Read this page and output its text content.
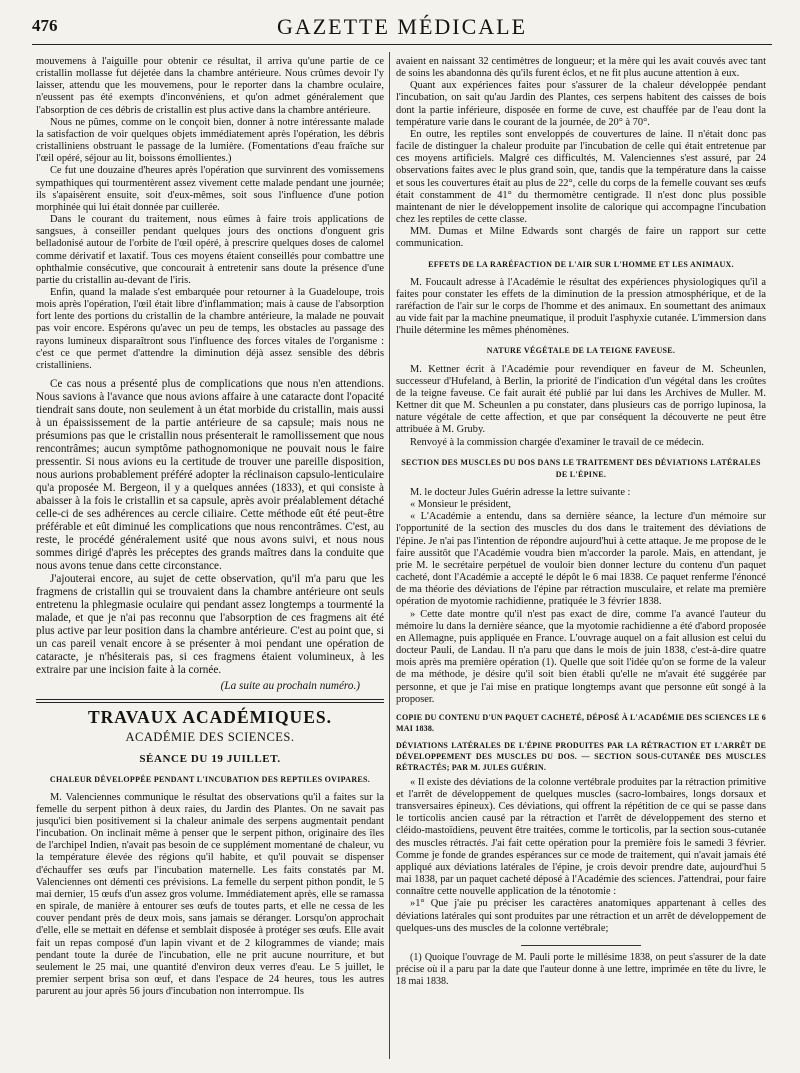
476	GAZETTE MÉDICALE

mouvemens à l'aiguille pour obtenir ce résultat, il arriva qu'une partie de ce cristallin mollasse fut déjetée dans la chambre antérieure. Nous crûmes devoir l'y laisser, attendu que les mouvemens, pour le reporter dans la chambre oculaire, n'eussent pas été exempts d'inconvéniens, et qu'on admet généralement que l'absorption de ces débris de cristallin est plus active dans la chambre antérieure.

Nous ne pûmes, comme on le conçoit bien, donner à notre intéressante malade la satisfaction de voir quelques objets immédiatement après l'opération, les débris cristalliniens obstruant le passage de la lumière. (Fomentations d'eau fraîche sur l'œil opéré, séjour au lit, boissons émollientes.)

Ce fut une douzaine d'heures après l'opération que survinrent des vomissemens sympathiques qui tourmentèrent assez vivement cette malade pendant une journée; ils s'apaisèrent ensuite, soit d'eux-mêmes, soit sous l'influence d'une potion morphinée qui lui était donnée par cuillerée.

Dans le courant du traitement, nous eûmes à faire trois applications de sangsues, à conseiller pendant quelques jours des onctions d'onguent gris belladonisé autour de l'orbite de l'œil opéré, à prescrire quelques doses de calomel comme dérivatif et laxatif. Tous ces moyens étaient conseillés pour combattre une ophthalmie consécutive, que concourait à entretenir sans doute la présence d'une partie du cristallin au-devant de l'iris.

Enfin, quand la malade s'est embarquée pour retourner à la Guadeloupe, trois mois après l'opération, l'œil était libre d'inflammation; mais à cause de l'absorption fort lente des portions du cristallin de la chambre antérieure, la malade ne pouvait pas voir encore. Espérons qu'avec un peu de temps, les obstacles au passage des rayons lumineux disparaîtront sous l'influence des forces vitales de l'organisme : c'est ce que permet d'attendre la diminution déjà assez sensible des débris cristalliniens.

Ce cas nous a présenté plus de complications que nous n'en attendions. Nous savions à l'avance que nous avions affaire à une cataracte dont l'opacité tiendrait sans doute, non seulement à un état morbide du cristallin, mais aussi à un épaississement de la partie antérieure de sa capsule; mais nous ne présumions pas que le cristallin nous présenterait le ramollissement que nous rencontrâmes; aucun symptôme pathognomonique ne pouvait nous le faire pressentir. Si nous avions eu la certitude de trouver une pareille disposition, nous aurions probablement préféré adopter la réclinaison capsulo-lenticulaire qu'a proposée M. Bergeon, il y a quelques années (1833), et qui consiste à abaisser à la fois le cristallin et sa capsule, après avoir préalablement détaché celle-ci de ses adhérences au cercle ciliaire. Cette méthode eût été peut-être préférable et eût diminué les complications que nous rencontrâmes. C'est, au reste, le procédé généralement usité que nous avons suivi, et nous nous sommes dirigé d'après les préceptes des grands maîtres dans la conduite que nous avons tenue dans cette circonstance.

J'ajouterai encore, au sujet de cette observation, qu'il m'a paru que les fragmens de cristallin qui se trouvaient dans la chambre antérieure ont seuls entretenu la phlegmasie oculaire qui pendant assez longtemps a tourmenté la malade, et que je n'ai pas reconnu que l'absorption de ces fragmens ait été plus active par leur position dans la chambre antérieure. C'est au point que, si un cas pareil venait encore à se présenter à moi pendant une opération de cataracte, je n'hésiterais pas, si ces fragmens étaient volumineux, à les extraire par une incision faite à la cornée.

(La suite au prochain numéro.)

TRAVAUX ACADÉMIQUES.
ACADÉMIE DES SCIENCES.
SÉANCE DU 19 JUILLET.
CHALEUR DÉVELOPPÉE PENDANT L'INCUBATION DES REPTILES OVIPARES.

M. Valenciennes communique le résultat des observations qu'il a faites sur la femelle du serpent pithon à deux raies, du Jardin des Plantes. On ne savait pas jusqu'ici bien positivement si la chaleur animale des serpens augmentait pendant l'incubation. On inclinait même à penser que le serpent pithon, originaire des îles de l'archipel Indien, n'avait pas besoin de ce supplément momentané de chaleur, vu la température élevée des régions qu'il habite, et qu'il pouvait se dispenser d'échauffer ses œufs par l'incubation maternelle. Les faits constatés par M. Valenciennes ont démenti ces prévisions. La femelle du serpent pithon pondit, le 5 mai dernier, 15 œufs d'un assez gros volume. Immédiatement après, elle se ramassa en spirale, de manière à entourer ses œufs de toutes parts, et elle ne cessa de les couver pendant près de deux mois, sans jamais se déranger. Lorsqu'on approchait d'elle, elle se mettait en défense et semblait disposée à protéger ses œufs. Elle avait fait un repas composé d'un lapin vivant et de 2 kilogrammes de viande; mais pendant toute la durée de l'incubation, elle ne prit aucune nourriture, et but seulement le 25 mai, une quantité d'environ deux verres d'eau. Le 5 juillet, le premier serpent brisa son œuf, et dans l'espace de 24 heures, tous les autres parurent au jour après 56 jours d'incubation non interrompue. Ils

avaient en naissant 32 centimètres de longueur; et la mère qui les avait couvés avec tant de soins les abandonna dès qu'ils furent éclos, et ne fit plus aucune attention à eux.

Quant aux expériences faites pour s'assurer de la chaleur développée pendant l'incubation, on sait qu'au Jardin des Plantes, ces serpens habitent des caisses de bois dont la partie inférieure, disposée en forme de cuve, est chauffée par de l'eau dont la température varie dans le courant de la journée, de 20° à 70°.

En outre, les reptiles sont enveloppés de couvertures de laine. Il n'était donc pas facile de distinguer la chaleur produite par l'incubation de celle qui était entretenue par ces moyens artificiels. Malgré ces difficultés, M. Valenciennes s'est assuré, par 24 observations faites avec le plus grand soin, que, tandis que la température dans la caisse et sous les couvertures était au plus de 22°, celle du corps de la femelle couvant ses œufs était constamment de 41° du thermomètre centigrade. Il n'est donc plus possible maintenant de nier le développement insolite de calorique qui accompagne l'incubation chez les reptiles de cette classe.

MM. Dumas et Milne Edwards sont chargés de faire un rapport sur cette communication.

EFFETS DE LA RARÉFACTION DE L'AIR SUR L'HOMME ET LES ANIMAUX.

M. Foucault adresse à l'Académie le résultat des expériences physiologiques qu'il a faites pour constater les effets de la diminution de la pression atmosphérique, et de la raréfaction de l'air sur le corps de l'homme et des animaux. En soumettant des animaux au vide fait par la machine pneumatique, il produit l'asphyxie cutanée. L'immersion dans l'huile détermine les mêmes phénomènes.

NATURE VÉGÉTALE DE LA TEIGNE FAVEUSE.

M. Kettner écrit à l'Académie pour revendiquer en faveur de M. Scheunlen, successeur d'Hufeland, à Berlin, la priorité de l'indication d'un végétal dans les croûtes de la teigne faveuse. Ce fait aurait été publié par lui dans les Archives de Muller. M. Kettner dit que M. Scheunlen a pu constater, dans plusieurs cas de porrigo lupinosa, la nature végétale de cette affection, et que par conséquent la découverte ne peut être attribuée à M. Gruby.

Renvoyé à la commission chargée d'examiner le travail de ce médecin.

SECTION DES MUSCLES DU DOS DANS LE TRAITEMENT DES DÉVIATIONS LATÉRALES DE L'ÉPINE.

M. le docteur Jules Guérin adresse la lettre suivante :

« Monsieur le président,

« L'Académie a entendu, dans sa dernière séance, la lecture d'un mémoire sur l'opportunité de la section des muscles du dos dans le traitement des déviations de l'épine. Je n'ai pas l'intention de répondre aujourd'hui à cette attaque. Je me propose de le faire aussitôt que l'Académie voudra bien m'accorder la parole. Mais, en attendant, je prie M. le secrétaire perpétuel de vouloir bien donner lecture du contenu d'un paquet cacheté, dont l'Académie a accepté le dépôt le 6 mai 1838. Ce paquet renferme l'énoncé de ma théorie des déviations de l'épine par rétraction musculaire, et relate ma première opération de myotomie rachidienne, pratiquée le 3 février 1838.

» Cette date montre qu'il n'est pas exact de dire, comme l'a avancé l'auteur du mémoire lu dans la dernière séance, que la myotomie rachidienne a été d'abord proposée en Allemagne, puis appliquée en France. L'ouvrage auquel on a fait allusion est celui du docteur Pauli, de Landau. Il n'a paru que dans le mois de juin 1838, c'est-à-dire quatre mois après ma première opération (1). Quelle que soit l'idée qu'on se forme de la valeur de ma méthode, je désire qu'il soit bien établi qu'elle ne m'avait été suggérée par personne, et que je l'ai mise en pratique longtemps avant que personne eût songé à la proposer.

COPIE DU CONTENU D'UN PAQUET CACHETÉ, DÉPOSÉ À L'ACADÉMIE DES SCIENCES LE 6 MAI 1838.
DÉVIATIONS LATÉRALES DE L'ÉPINE PRODUITES PAR LA RÉTRACTION ET L'ARRÊT DE DÉVELOPPEMENT DES MUSCLES DU DOS. — SECTION SOUS-CUTANÉE DES MUSCLES RÉTRACTÉS; PAR M. JULES GUÉRIN.

« Il existe des déviations de la colonne vertébrale produites par la rétraction primitive et l'arrêt de développement de quelques muscles (sacro-lombaires, longs dorsaux et transversaires épineux). Ces déviations, qui offrent la répétition de ce qui se passe dans le torticolis ancien causé par la rétraction et l'arrêt de développement des sterno et cléido-mastoïdiens, peuvent être traitées, comme le torticolis, par la section sous-cutanée des muscles rétractés. J'ai fait cette opération pour la première fois le samedi 3 février. Comme je fonde de grandes espérances sur ce mode de traitement, qui n'avait jamais été appliqué aux déviations latérales de l'épine, je crois devoir prendre date, aujourd'hui 5 mai 1838, par un paquet cacheté déposé à l'Académie des sciences. J'attendrai, pour faire connaître cette nouvelle application de la ténotomie :

»1° Que j'aie pu préciser les caractères anatomiques appartenant à celles des déviations latérales qui sont produites par une rétraction et un arrêt de développement de quelques-uns des muscles de la colonne vertébrale;

(1) Quoique l'ouvrage de M. Pauli porte le millésime 1838, on peut s'assurer de la date précise où il a paru par la date que l'auteur donne à une lettre, imprimée en tête du livre, le 18 mai 1838.
